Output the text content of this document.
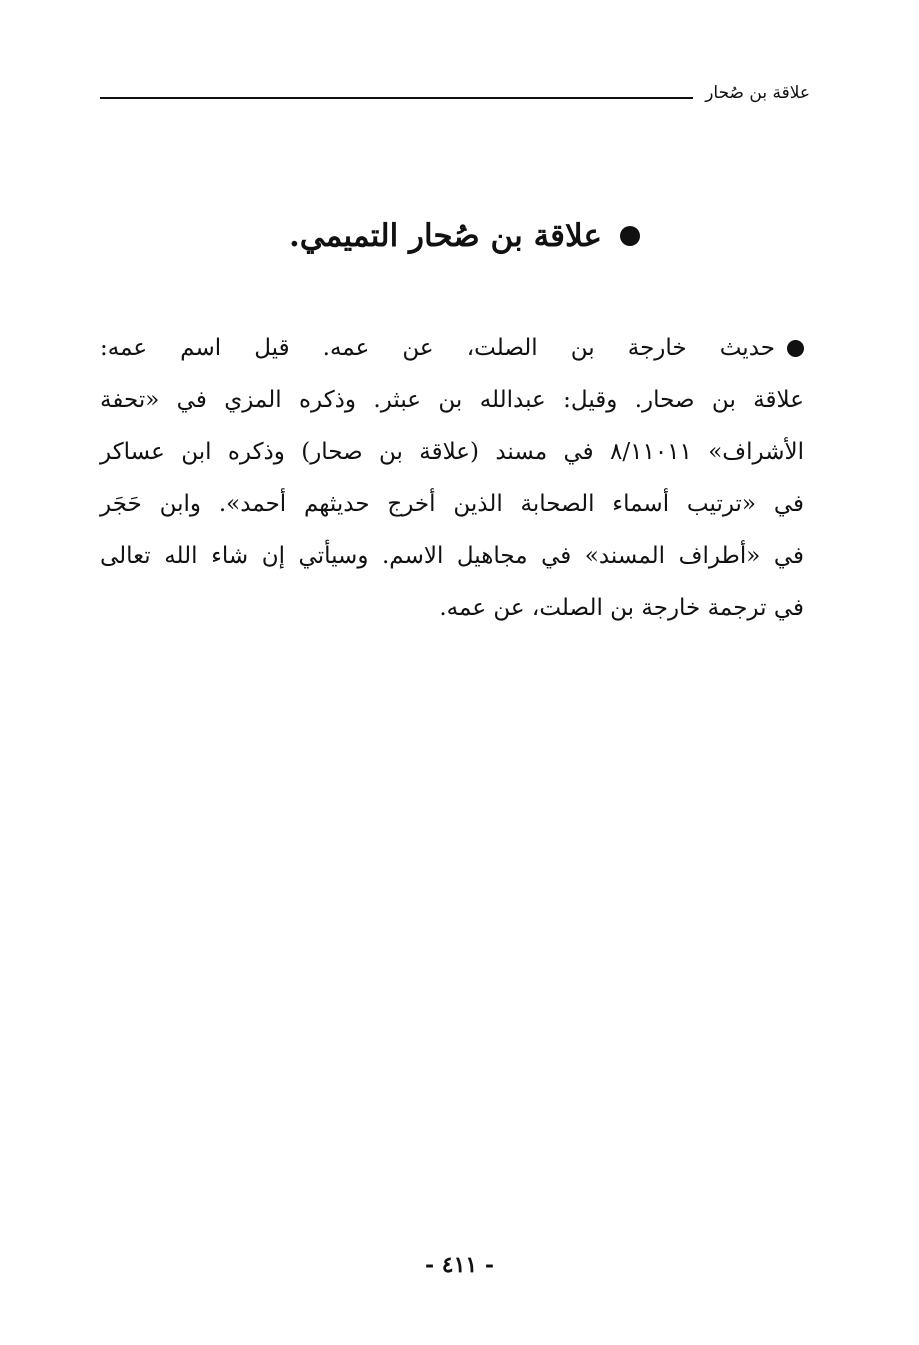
علاقة بن صُحار
علاقة بن صُحار التميمي.
حديث خارجة بن الصلت، عن عمه. قيل اسم عمه:
علاقة بن صحار. وقيل: عبدالله بن عبثر. وذكره المزي في «تحفة
الأشراف» ٨/١١٠١١ في مسند (علاقة بن صحار) وذكره ابن عساكر
في «ترتيب أسماء الصحابة الذين أخرج حديثهم أحمد». وابن حَجَر
في «أطراف المسند» في مجاهيل الاسم. وسيأتي إن شاء الله تعالى
في ترجمة خارجة بن الصلت، عن عمه.
- ٤١١ -
